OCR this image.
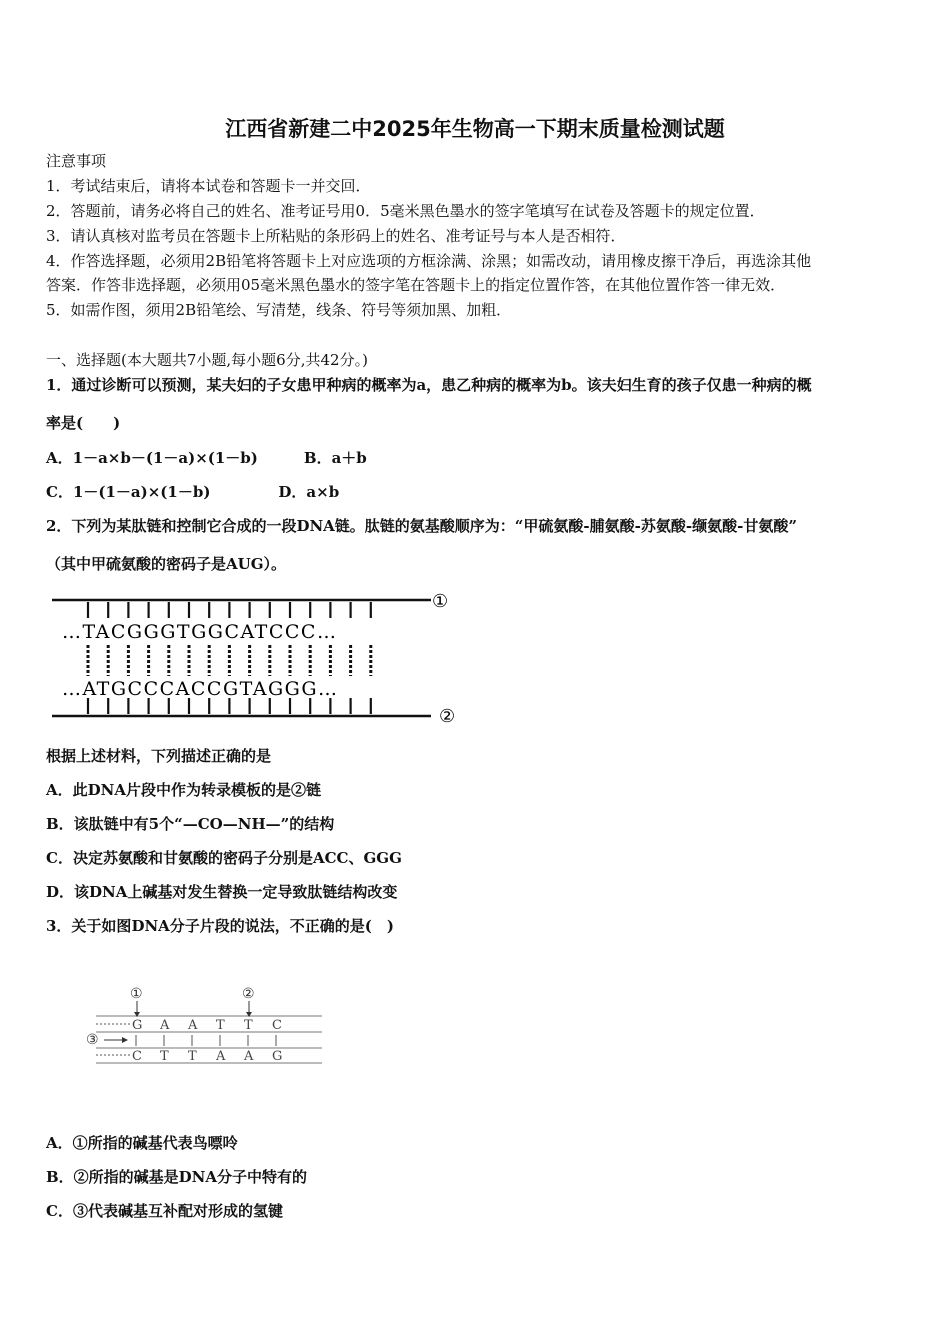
江西省新建二中2025年生物高一下期末质量检测试题
注意事项
1．考试结束后，请将本试卷和答题卡一并交回．
2．答题前，请务必将自己的姓名、准考证号用0．5毫米黑色墨水的签字笔填写在试卷及答题卡的规定位置．
3．请认真核对监考员在答题卡上所粘贴的条形码上的姓名、准考证号与本人是否相符．
4．作答选择题，必须用2B铅笔将答题卡上对应选项的方框涂满、涂黑；如需改动，请用橡皮擦干净后，再选涂其他
答案．作答非选择题，必须用05毫米黑色墨水的签字笔在答题卡上的指定位置作答，在其他位置作答一律无效．
5．如需作图，须用2B铅笔绘、写清楚，线条、符号等须加黑、加粗．
一、选择题(本大题共7小题,每小题6分,共42分。)
1．通过诊断可以预测，某夫妇的子女患甲种病的概率为a，患乙种病的概率为b。该夫妇生育的孩子仅患一种病的概
率是(　　)
A．1－a×b－(1－a)×(1－b)	B．a＋b
C．1－(1－a)×(1－b)	D．a×b
2．下列为某肽链和控制它合成的一段DNA链。肽链的氨基酸顺序为：“甲硫氨酸-脯氨酸-苏氨酸-缬氨酸-甘氨酸”
（其中甲硫氨酸的密码子是AUG）。
…TACGGGTGGCATCCC…
…ATGCCCACCGTAGGG…
①
②
根据上述材料，下列描述正确的是
A．此DNA片段中作为转录模板的是②链
B．该肽链中有5个“—CO—NH—”的结构
C．决定苏氨酸和甘氨酸的密码子分别是ACC、GGG
D．该DNA上碱基对发生替换一定导致肽链结构改变
3．关于如图DNA分子片段的说法，不正确的是(　)
G
C
A
T
A
T
T
A
T
A
C
G
①	②
③
A．①所指的碱基代表鸟嘌呤
B．②所指的碱基是DNA分子中特有的
C．③代表碱基互补配对形成的氢键
